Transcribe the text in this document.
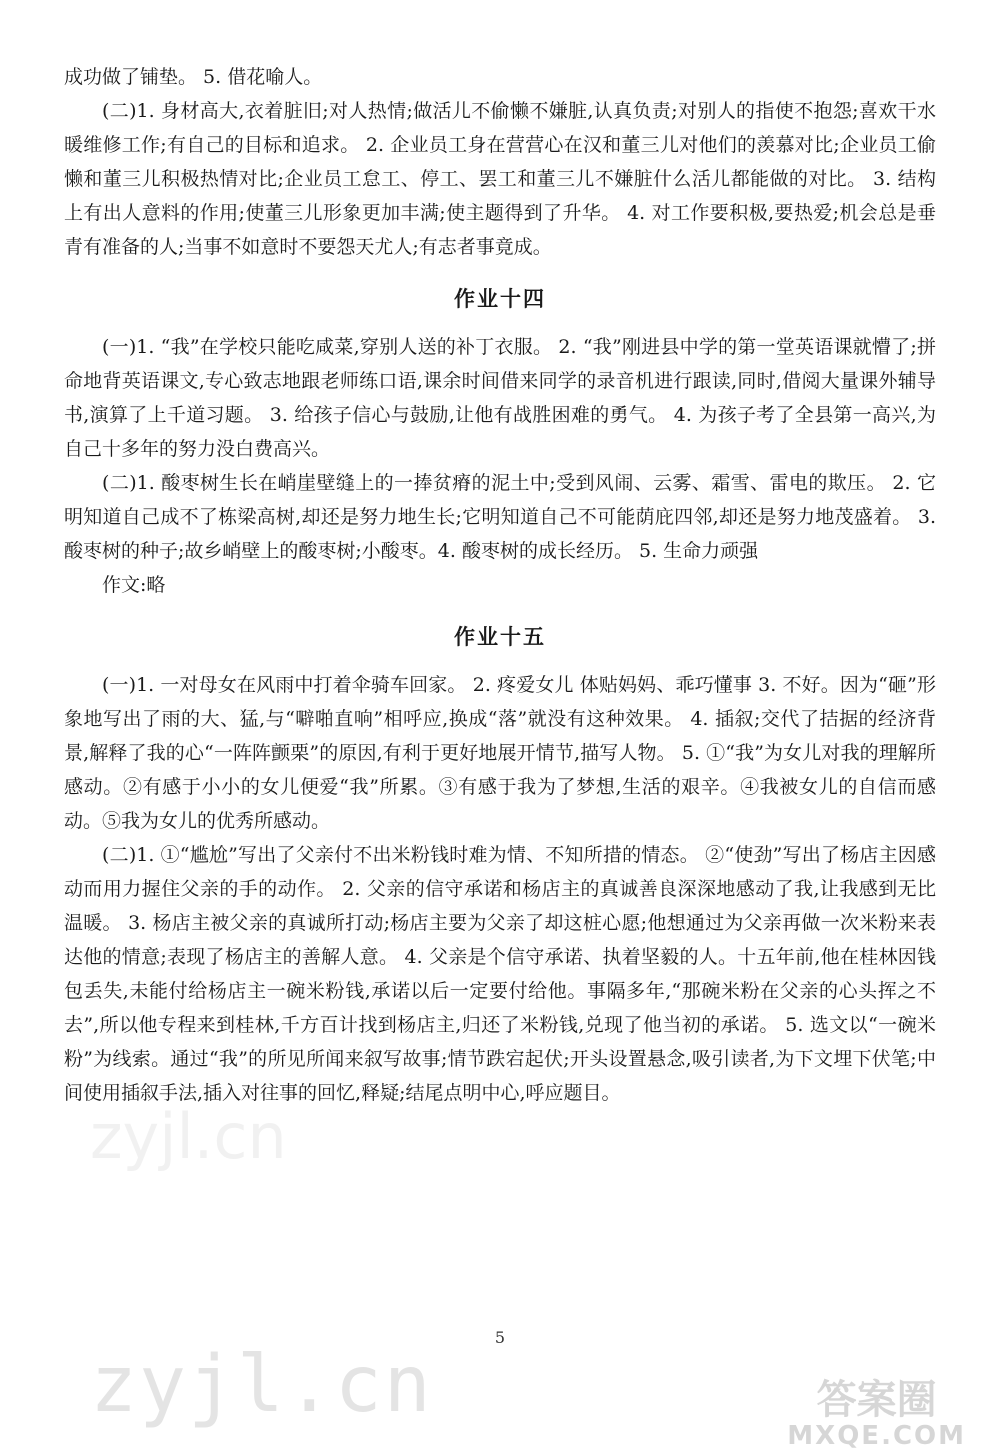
成功做了铺垫。 5. 借花喻人。

(二)1. 身材高大,衣着脏旧;对人热情;做活儿不偷懒不嫌脏,认真负责;对别人的指使不抱怨;喜欢干水暖维修工作;有自己的目标和追求。 2. 企业员工身在营营心在汉和董三儿对他们的羡慕对比;企业员工偷懒和董三儿积极热情对比;企业员工怠工、停工、罢工和董三儿不嫌脏什么活儿都能做的对比。 3. 结构上有出人意料的作用;使董三儿形象更加丰满;使主题得到了升华。 4. 对工作要积极,要热爱;机会总是垂青有准备的人;当事不如意时不要怨天尤人;有志者事竟成。

作业十四

(一)1. “我”在学校只能吃咸菜,穿别人送的补丁衣服。 2. “我”刚进县中学的第一堂英语课就懵了;拼命地背英语课文,专心致志地跟老师练口语,课余时间借来同学的录音机进行跟读,同时,借阅大量课外辅导书,演算了上千道习题。 3. 给孩子信心与鼓励,让他有战胜困难的勇气。 4. 为孩子考了全县第一高兴,为自己十多年的努力没白费高兴。

(二)1. 酸枣树生长在峭崖壁缝上的一捧贫瘠的泥土中;受到风闹、云雾、霜雪、雷电的欺压。 2. 它明知道自己成不了栋梁高树,却还是努力地生长;它明知道自己不可能荫庇四邻,却还是努力地茂盛着。 3. 酸枣树的种子;故乡峭壁上的酸枣树;小酸枣。4. 酸枣树的成长经历。 5. 生命力顽强

作文:略

作业十五

(一)1. 一对母女在风雨中打着伞骑车回家。 2. 疼爱女儿 体贴妈妈、乖巧懂事 3. 不好。因为“砸”形象地写出了雨的大、猛,与“噼啪直响”相呼应,换成“落”就没有这种效果。 4. 插叙;交代了拮据的经济背景,解释了我的心“一阵阵颤栗”的原因,有利于更好地展开情节,描写人物。 5. ①“我”为女儿对我的理解所感动。②有感于小小的女儿便爱“我”所累。③有感于我为了梦想,生活的艰辛。④我被女儿的自信而感动。⑤我为女儿的优秀所感动。

(二)1. ①“尴尬”写出了父亲付不出米粉钱时难为情、不知所措的情态。 ②“使劲”写出了杨店主因感动而用力握住父亲的手的动作。 2. 父亲的信守承诺和杨店主的真诚善良深深地感动了我,让我感到无比温暖。 3. 杨店主被父亲的真诚所打动;杨店主要为父亲了却这桩心愿;他想通过为父亲再做一次米粉来表达他的情意;表现了杨店主的善解人意。 4. 父亲是个信守承诺、执着坚毅的人。十五年前,他在桂林因钱包丢失,未能付给杨店主一碗米粉钱,承诺以后一定要付给他。事隔多年,“那碗米粉在父亲的心头挥之不去”,所以他专程来到桂林,千方百计找到杨店主,归还了米粉钱,兑现了他当初的承诺。 5. 选文以“一碗米粉”为线索。通过“我”的所见所闻来叙写故事;情节跌宕起伏;开头设置悬念,吸引读者,为下文埋下伏笔;中间使用插叙手法,插入对往事的回忆,释疑;结尾点明中心,呼应题目。

zyjl.cn
5
zyjl.cn	答案圈
MXQE.COM
